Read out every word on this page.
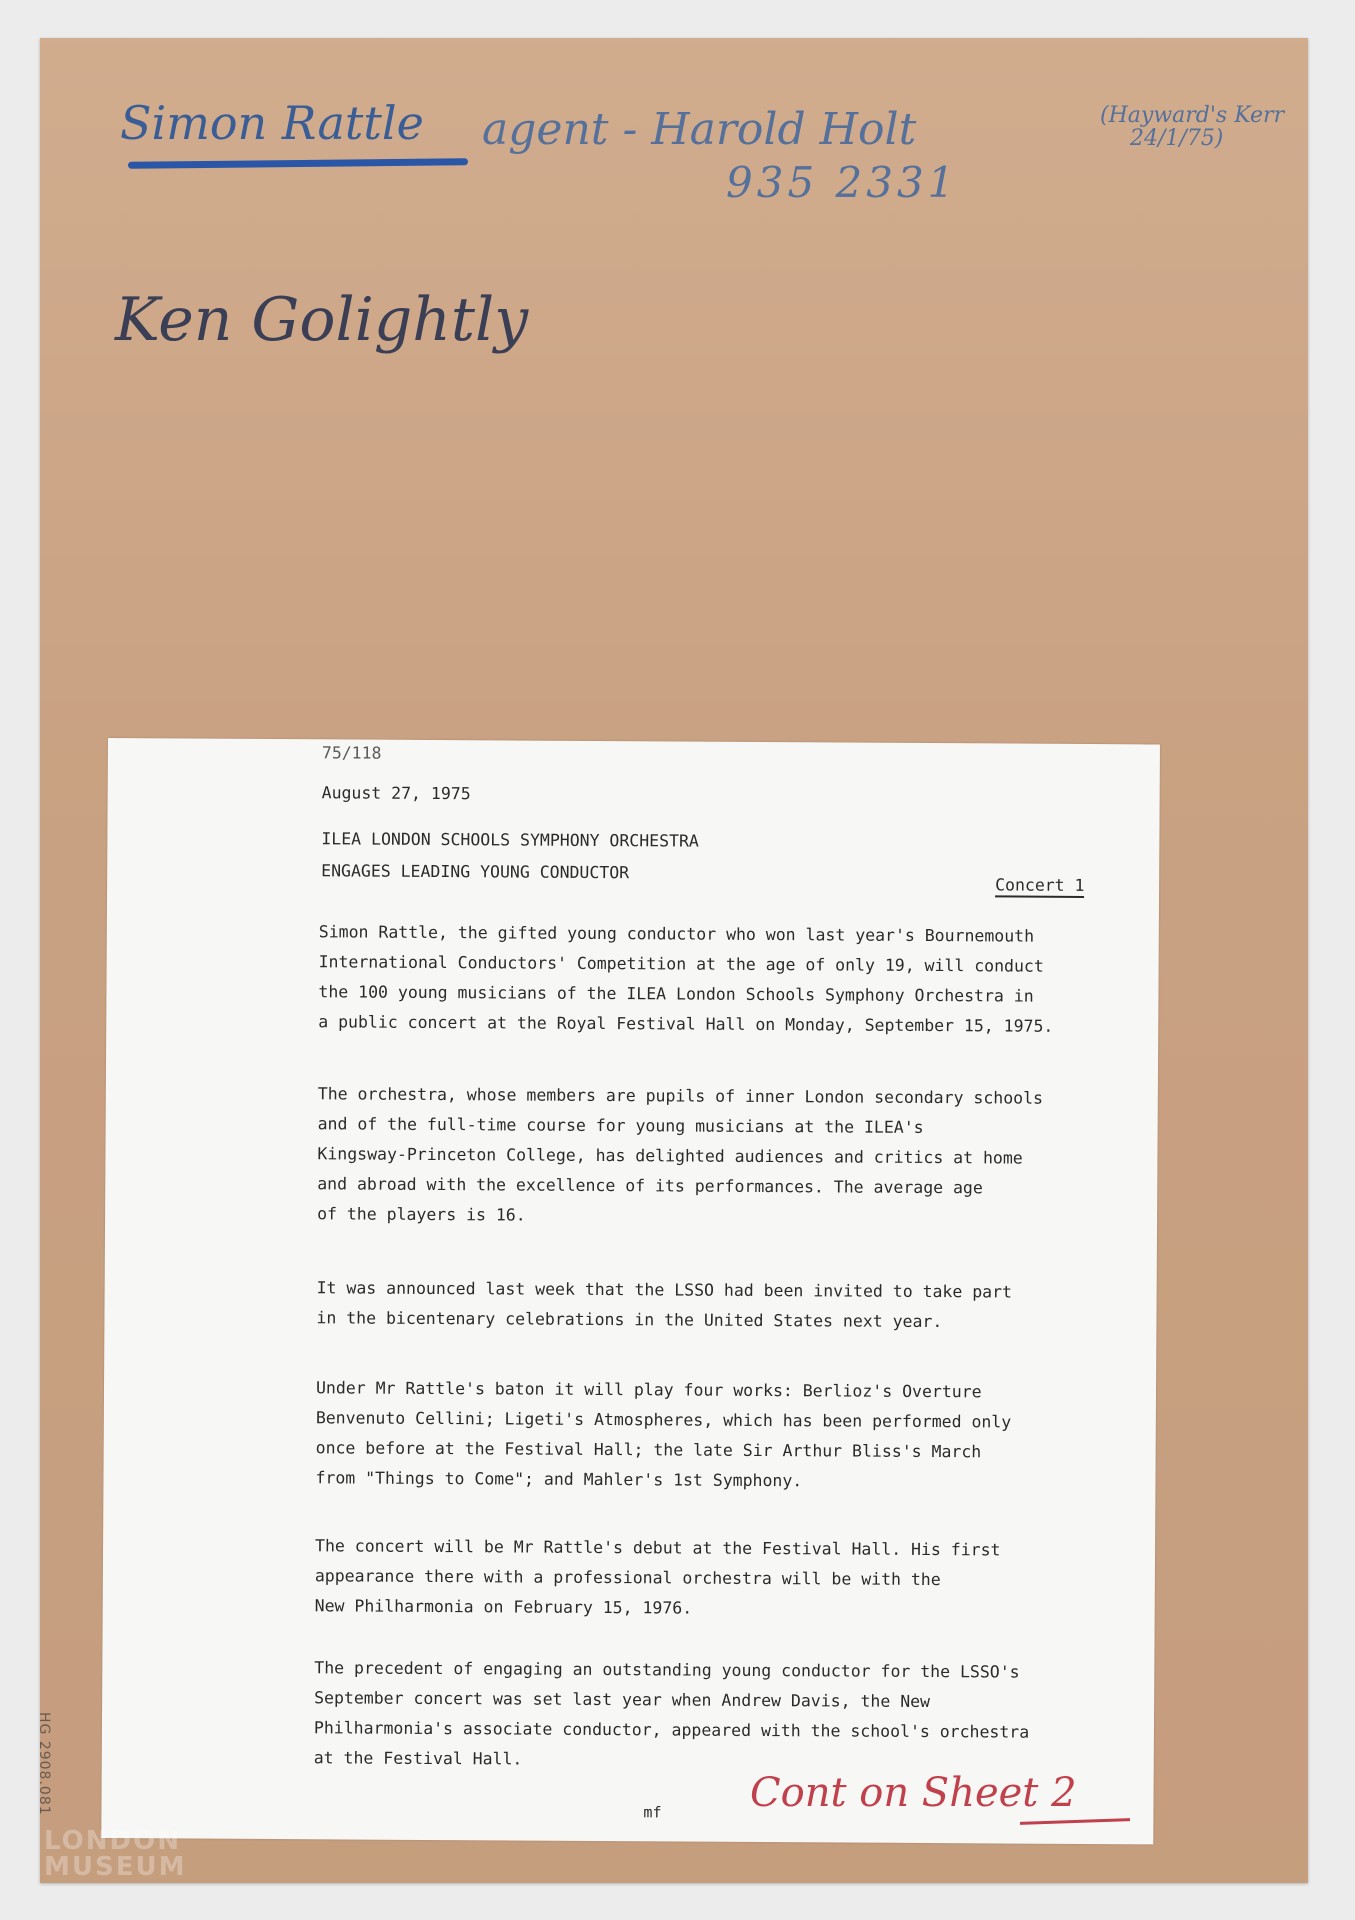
Simon Rattle agent - Harold Holt
935 2331
(Hayward's Kerr
24/1/75)
Ken Golightly
75/118
August 27, 1975
ILEA LONDON SCHOOLS SYMPHONY ORCHESTRA
ENGAGES LEADING YOUNG CONDUCTOR
Concert 1
Simon Rattle, the gifted young conductor who won last year's Bournemouth
International Conductors' Competition at the age of only 19, will conduct
the 100 young musicians of the ILEA London Schools Symphony Orchestra in
a public concert at the Royal Festival Hall on Monday, September 15, 1975.
The orchestra, whose members are pupils of inner London secondary schools
and of the full-time course for young musicians at the ILEA's
Kingsway-Princeton College, has delighted audiences and critics at home
and abroad with the excellence of its performances. The average age
of the players is 16.
It was announced last week that the LSSO had been invited to take part
in the bicentenary celebrations in the United States next year.
Under Mr Rattle's baton it will play four works: Berlioz's Overture
Benvenuto Cellini; Ligeti's Atmospheres, which has been performed only
once before at the Festival Hall; the late Sir Arthur Bliss's March
from "Things to Come"; and Mahler's 1st Symphony.
The concert will be Mr Rattle's debut at the Festival Hall. His first
appearance there with a professional orchestra will be with the
New Philharmonia on February 15, 1976.
The precedent of engaging an outstanding young conductor for the LSSO's
September concert was set last year when Andrew Davis, the New
Philharmonia's associate conductor, appeared with the school's orchestra
at the Festival Hall.
mf Cont on Sheet 2
HG 2908.081
LONDON
MUSEUM
